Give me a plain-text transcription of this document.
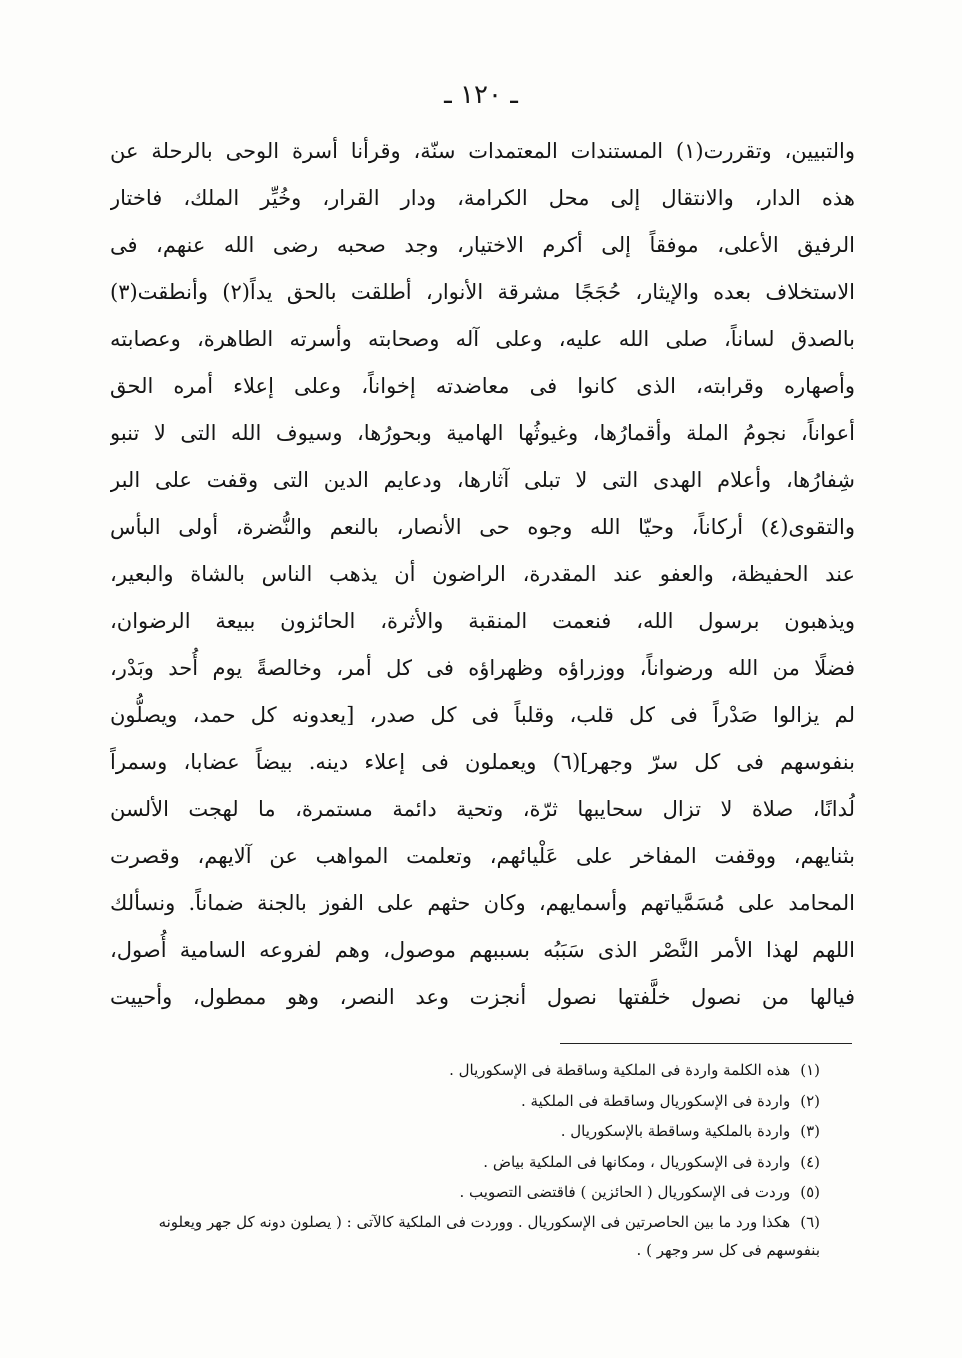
ـ ١٢٠ ـ
والتبيين، وتقررت(١) المستندات المعتمدات سنّة، وقرأنا أسرة الوحى بالرحلة عن
هذه الدار، والانتقال إلى محل الكرامة، ودار القرار، وخُيِّر الملك، فاختار
الرفيق الأعلى، موفقاً إلى أكرم الاختيار، وجد صحبه رضى الله عنهم، فى
الاستخلاف بعده والإيثار، حُجَجًا مشرقة الأنوار، أطلقت بالحق يداً(٢) وأنطقت(٣)
بالصدق لساناً، صلى الله عليه، وعلى آله وصحابته وأسرته الطاهرة، وعصابته
وأصهاره وقرابته، الذى كانوا فى معاضدته إخواناً، وعلى إعلاء أمره الحق
أعواناً، نجومُ الملة وأقمارُها، وغيوثُها الهامية وبحورُها، وسيوف الله التى لا تنبو
شِفارُها، وأعلام الهدى التى لا تبلى آثارها، ودعايم الدين التى وقفت على البر
والتقوى(٤) أركاناً، وحيّا الله وجوه حى الأنصار، بالنعم والنُّضرة، أولى البأس
عند الحفيظة، والعفو عند المقدرة، الراضون أن يذهب الناس بالشاة والبعير،
ويذهبون برسول الله، فنعمت المنقبة والأثرة، الحائزون ببيعة الرضوان،
فضلًا من الله ورضواناً، ووزراؤه وظهراؤه فى كل أمر، وخالصةً يوم أُحد وبَدْر،
لم يزالوا صَدْراً فى كل قلب، وقلباً فى كل صدر، [يعدونه كل حمد، ويصلُّون
بنفوسهم فى كل سرّ وجهر](٦) ويعملون فى إعلاء دينه. بيضاً عضابا، وسمراً
لُدانًا، صلاة لا تزال سحايبها ثرّة، وتحية دائمة مستمرة، ما لهجت الألسن
بثنايهم، ووقفت المفاخر على عَلْيائهم، وتعلمت المواهب عن آلايهم، وقصرت
المحامد على مُسَمَّياتهم وأسمايهم، وكان حثهم على الفوز بالجنة ضماناً. ونسألك
اللهم لهذا الأمر النَّصْر الذى سَبَبُه بسببهم موصول، وهم لفروعه السامية أُصول،
فيالها من نصول خلَّفتها نصول أنجزت وعد النصر، وهو ممطول، وأحييت
(١)هذه الكلمة واردة فى الملكية وساقطة فى الإسكوريال .
(٢)واردة فى الإسكوريال وساقطة فى الملكية .
(٣)واردة بالملكية وساقطة بالإسكوريال .
(٤)واردة فى الإسكوريال ، ومكانها فى الملكية بياض .
(٥)وردت فى الإسكوريال ( الحائزين ) فاقتضى التصويب .
(٦)هكذا ورد ما بين الحاصرتين فى الإسكوريال . ووردت فى الملكية كالآتى : ( يصلون دونه كل جهر ويعلونه بنفوسهم فى كل سر وجهر ) .
